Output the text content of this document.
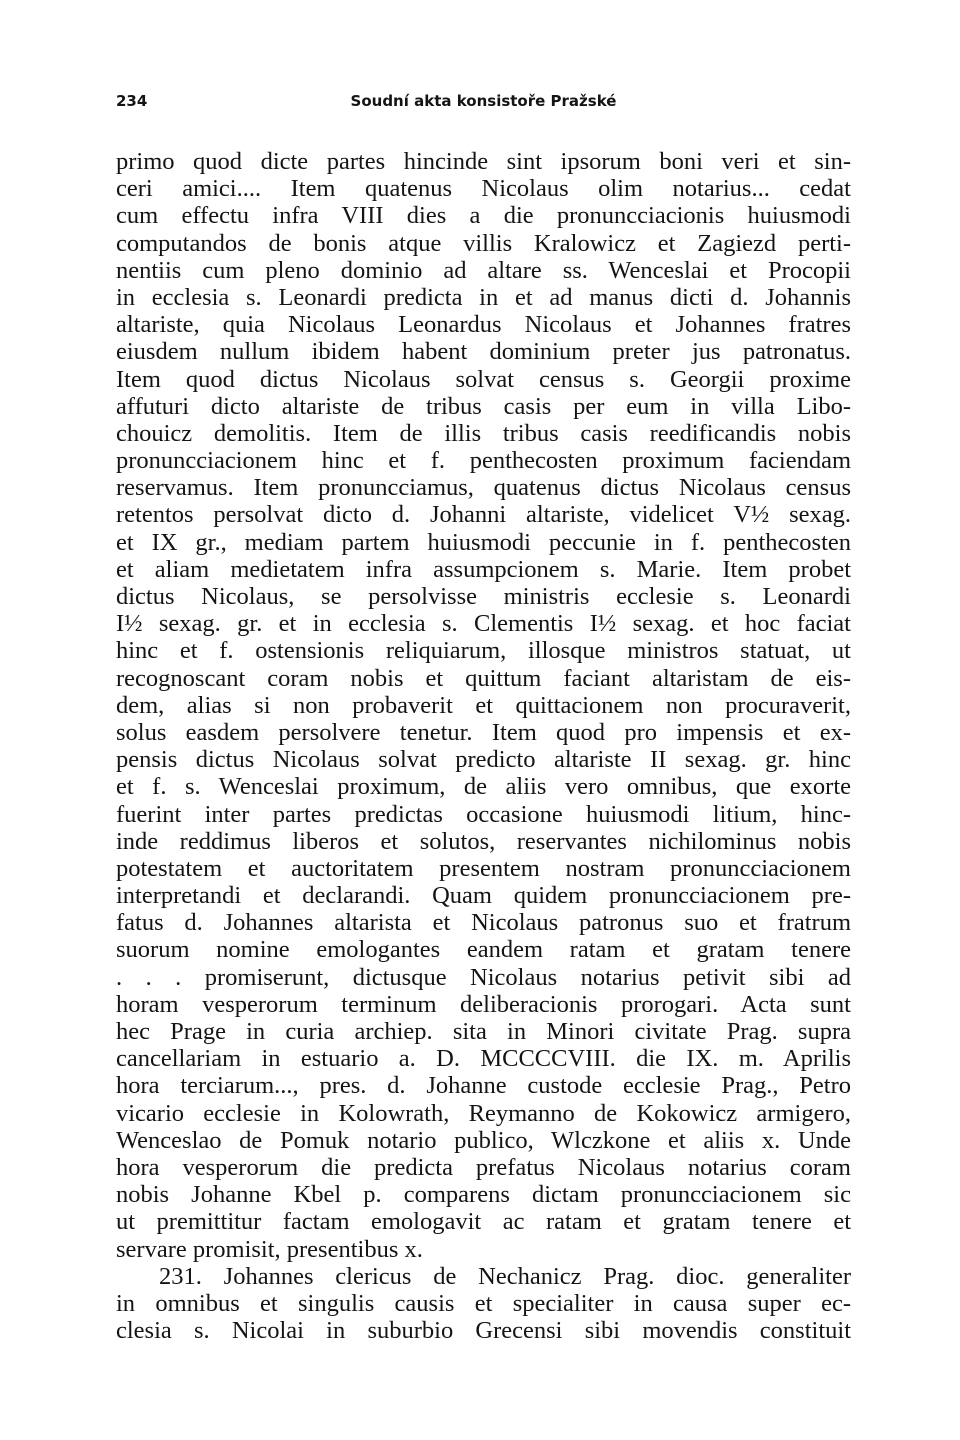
234	Soudní akta konsistoře Pražské
primo quod dicte partes hincinde sint ipsorum boni veri et sin-
ceri amici.... Item quatenus Nicolaus olim notarius... cedat
cum effectu infra VIII dies a die pronuncciacionis huiusmodi
computandos de bonis atque villis Kralowicz et Zagiezd perti-
nentiis cum pleno dominio ad altare ss. Wenceslai et Procopii
in ecclesia s. Leonardi predicta in et ad manus dicti d. Johannis
altariste, quia Nicolaus Leonardus Nicolaus et Johannes fratres
eiusdem nullum ibidem habent dominium preter jus patronatus.
Item quod dictus Nicolaus solvat census s. Georgii proxime
affuturi dicto altariste de tribus casis per eum in villa Libo-
chouicz demolitis. Item de illis tribus casis reedificandis nobis
pronuncciacionem hinc et f. penthecosten proximum faciendam
reservamus. Item pronuncciamus, quatenus dictus Nicolaus census
retentos persolvat dicto d. Johanni altariste, videlicet V½ sexag.
et IX gr., mediam partem huiusmodi peccunie in f. penthecosten
et aliam medietatem infra assumpcionem s. Marie. Item probet
dictus Nicolaus, se persolvisse ministris ecclesie s. Leonardi
I½ sexag. gr. et in ecclesia s. Clementis I½ sexag. et hoc faciat
hinc et f. ostensionis reliquiarum, illosque ministros statuat, ut
recognoscant coram nobis et quittum faciant altaristam de eis-
dem, alias si non probaverit et quittacionem non procuraverit,
solus easdem persolvere tenetur. Item quod pro impensis et ex-
pensis dictus Nicolaus solvat predicto altariste II sexag. gr. hinc
et f. s. Wenceslai proximum, de aliis vero omnibus, que exorte
fuerint inter partes predictas occasione huiusmodi litium, hinc-
inde reddimus liberos et solutos, reservantes nichilominus nobis
potestatem et auctoritatem presentem nostram pronuncciacionem
interpretandi et declarandi. Quam quidem pronuncciacionem pre-
fatus d. Johannes altarista et Nicolaus patronus suo et fratrum
suorum nomine emologantes eandem ratam et gratam tenere
. . . promiserunt, dictusque Nicolaus notarius petivit sibi ad
horam vesperorum terminum deliberacionis prorogari. Acta sunt
hec Prage in curia archiep. sita in Minori civitate Prag. supra
cancellariam in estuario a. D. MCCCCVIII. die IX. m. Aprilis
hora terciarum..., pres. d. Johanne custode ecclesie Prag., Petro
vicario ecclesie in Kolowrath, Reymanno de Kokowicz armigero,
Wenceslao de Pomuk notario publico, Wlczkone et aliis x. Unde
hora vesperorum die predicta prefatus Nicolaus notarius coram
nobis Johanne Kbel p. comparens dictam pronuncciacionem sic
ut premittitur factam emologavit ac ratam et gratam tenere et
servare promisit, presentibus x.
231. Johannes clericus de Nechanicz Prag. dioc. generaliter
in omnibus et singulis causis et specialiter in causa super ec-
clesia s. Nicolai in suburbio Grecensi sibi movendis constituit
